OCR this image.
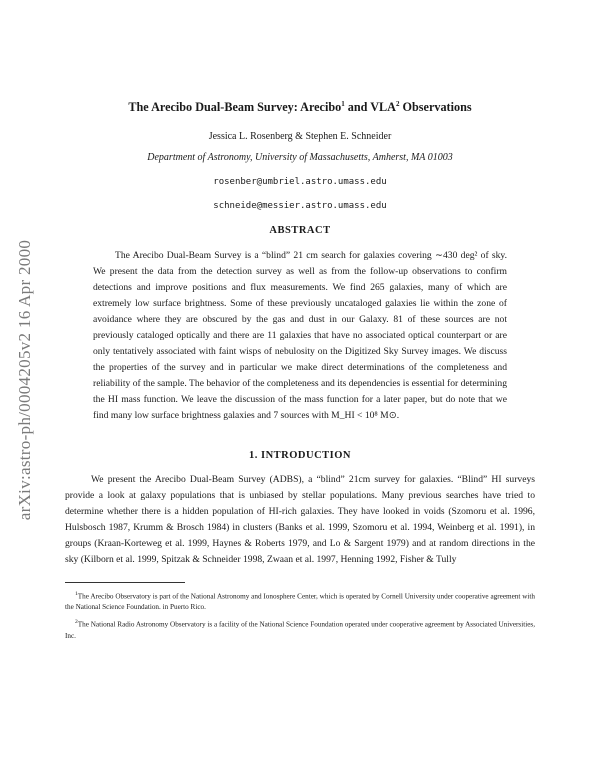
arXiv:astro-ph/0004205v2 16 Apr 2000
The Arecibo Dual-Beam Survey: Arecibo$^1$ and VLA$^2$ Observations
Jessica L. Rosenberg & Stephen E. Schneider
Department of Astronomy, University of Massachusetts, Amherst, MA 01003
rosenber@umbriel.astro.umass.edu
schneide@messier.astro.umass.edu
ABSTRACT

The Arecibo Dual-Beam Survey is a “blind” 21 cm search for galaxies covering ∼430 deg² of sky. We present the data from the detection survey as well as from the follow-up observations to confirm detections and improve positions and flux measurements. We find 265 galaxies, many of which are extremely low surface brightness. Some of these previously uncataloged galaxies lie within the zone of avoidance where they are obscured by the gas and dust in our Galaxy. 81 of these sources are not previously cataloged optically and there are 11 galaxies that have no associated optical counterpart or are only tentatively associated with faint wisps of nebulosity on the Digitized Sky Survey images. We discuss the properties of the survey and in particular we make direct determinations of the completeness and reliability of the sample. The behavior of the completeness and its dependencies is essential for determining the HI mass function. We leave the discussion of the mass function for a later paper, but do note that we find many low surface brightness galaxies and 7 sources with M_HI < 10⁸ M⊙.

1. INTRODUCTION

We present the Arecibo Dual-Beam Survey (ADBS), a “blind” 21cm survey for galaxies. “Blind” HI surveys provide a look at galaxy populations that is unbiased by stellar populations. Many previous searches have tried to determine whether there is a hidden population of HI-rich galaxies. They have looked in voids (Szomoru et al. 1996, Hulsbosch 1987, Krumm & Brosch 1984) in clusters (Banks et al. 1999, Szomoru et al. 1994, Weinberg et al. 1991), in groups (Kraan-Korteweg et al. 1999, Haynes & Roberts 1979, and Lo & Sargent 1979) and at random directions in the sky (Kilborn et al. 1999, Spitzak & Schneider 1998, Zwaan et al. 1997, Henning 1992, Fisher & Tully

$^1$The Arecibo Observatory is part of the National Astronomy and Ionosphere Center, which is operated by Cornell University under cooperative agreement with the National Science Foundation. in Puerto Rico.

$^2$The National Radio Astronomy Observatory is a facility of the National Science Foundation operated under cooperative agreement by Associated Universities, Inc.
